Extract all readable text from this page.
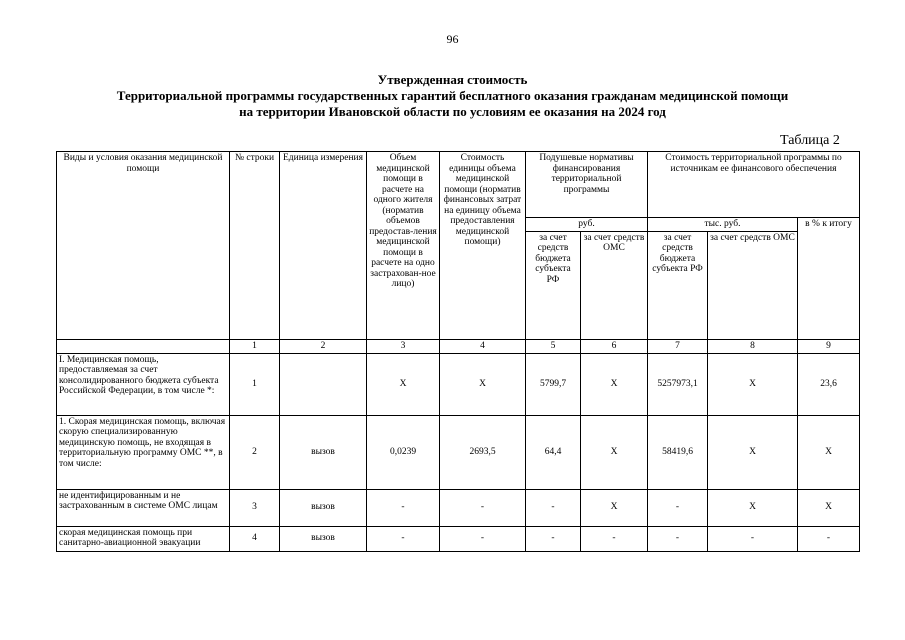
96
Утвержденная стоимость
Территориальной программы государственных гарантий бесплатного оказания гражданам медицинской помощи
на территории Ивановской области по условиям ее оказания на 2024 год
Таблица 2
Виды и условия оказания медицинской помощи	№ строки	Единица измерения	Объем медицинской помощи в расчете на одного жителя (норматив объемов предостав-ления медицинской помощи в расчете на одно застрахован-ное лицо)	Стоимость единицы объема медицинской помощи (норматив финансовых затрат на единицу объема предоставления медицинской помощи)	Подушевые нормативы финансирования территориальной программы		Стоимость территориальной программы по источникам ее финансового обеспечения		
					руб.		тыс. руб.		в % к итогу
					за счет средств бюджета субъекта РФ	за счет средств ОМС	за счет средств бюджета субъекта РФ	за счет средств ОМС	
	1	2	3	4	5	6	7	8	9
I. Медицинская помощь, предоставляемая за счет консолидированного бюджета субъекта Российской Федерации, в том числе *:	1		X	X	5799,7	X	5257973,1	X	23,6
1. Скорая медицинская помощь, включая скорую специализированную медицинскую помощь, не входящая в территориальную программу ОМС **, в том числе:	2	вызов	0,0239	2693,5	64,4	X	58419,6	X	X
не идентифицированным и не застрахованным в системе ОМС лицам	3	вызов	-	-	-	X	-	X	X
скорая медицинская помощь при санитарно-авиационной эвакуации	4	вызов	-	-	-	-	-	-	-
